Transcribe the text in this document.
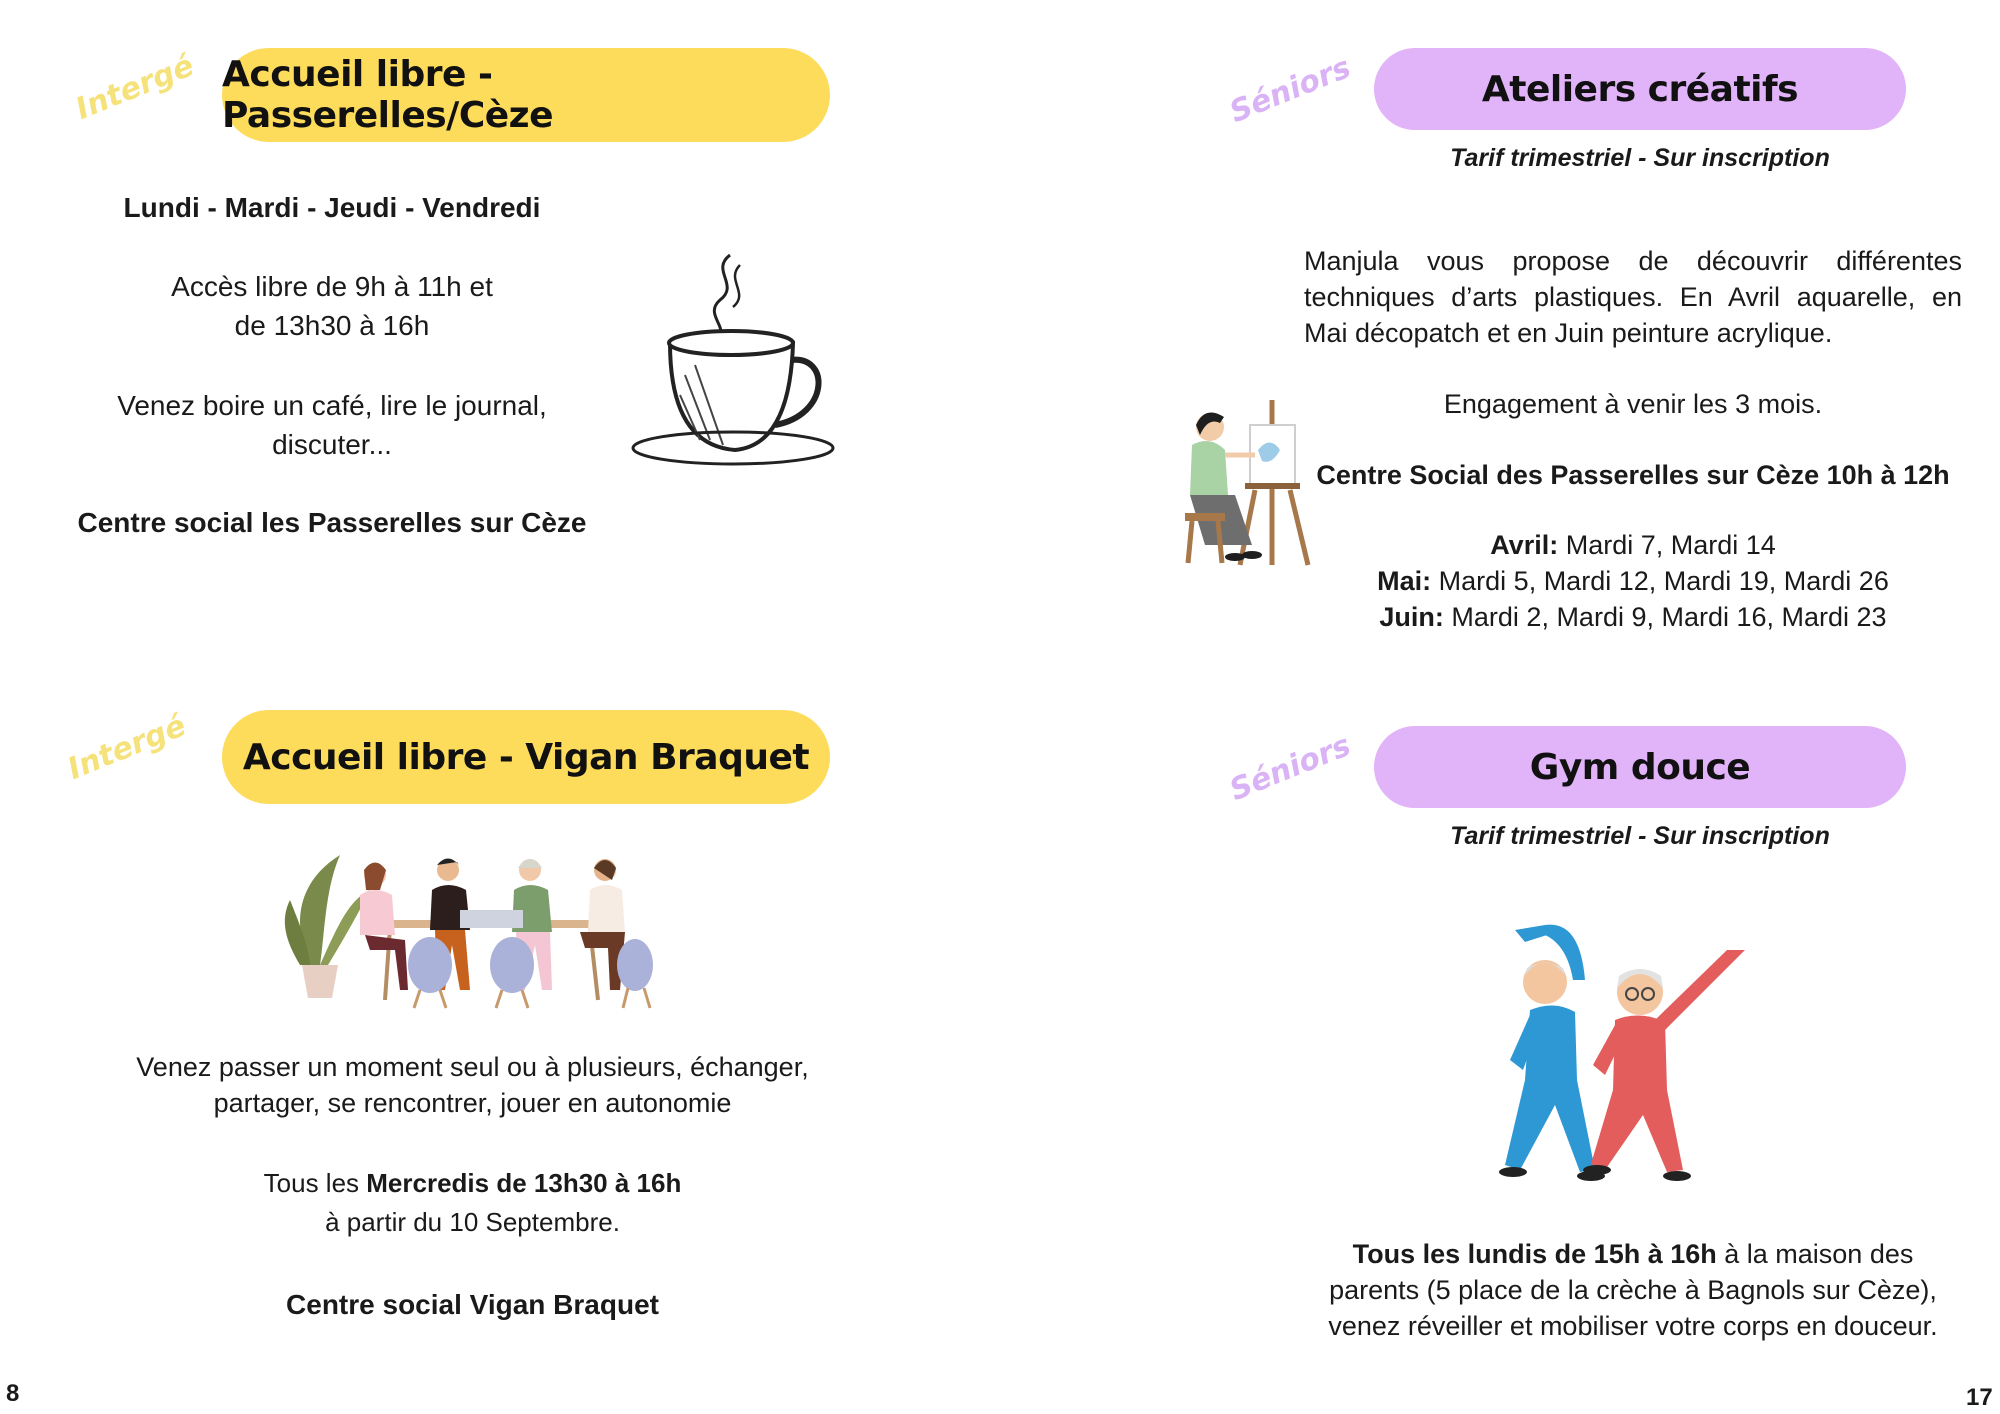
Intergé Accueil libre - Passerelles/Cèze
Lundi - Mardi - Jeudi - Vendredi
Accès libre de 9h à 11h et
de 13h30 à 16h
Venez boire un café, lire le journal,
discuter...
Centre social les Passerelles sur Cèze
Intergé	Accueil libre - Vigan Braquet
Venez passer un moment seul ou à plusieurs, échanger,
partager, se rencontrer, jouer en autonomie
Tous les Mercredis de 13h30 à 16h
à partir du 10 Septembre.
Centre social Vigan Braquet
8
Séniors	Ateliers créatifs
Tarif trimestriel - Sur inscription
Manjula vous propose de découvrir différentes
techniques d’arts plastiques. En Avril aquarelle, en
Mai décopatch et en Juin peinture acrylique.
Engagement à venir les 3 mois.
Centre Social des Passerelles sur Cèze 10h à 12h
Avril: Mardi 7, Mardi 14
Mai: Mardi 5, Mardi 12, Mardi 19, Mardi 26
Juin: Mardi 2, Mardi 9, Mardi 16, Mardi 23
Séniors	Gym douce
Tarif trimestriel - Sur inscription
Tous les lundis de 15h à 16h à la maison des
parents (5 place de la crèche à Bagnols sur Cèze),
venez réveiller et mobiliser votre corps en douceur.
17
